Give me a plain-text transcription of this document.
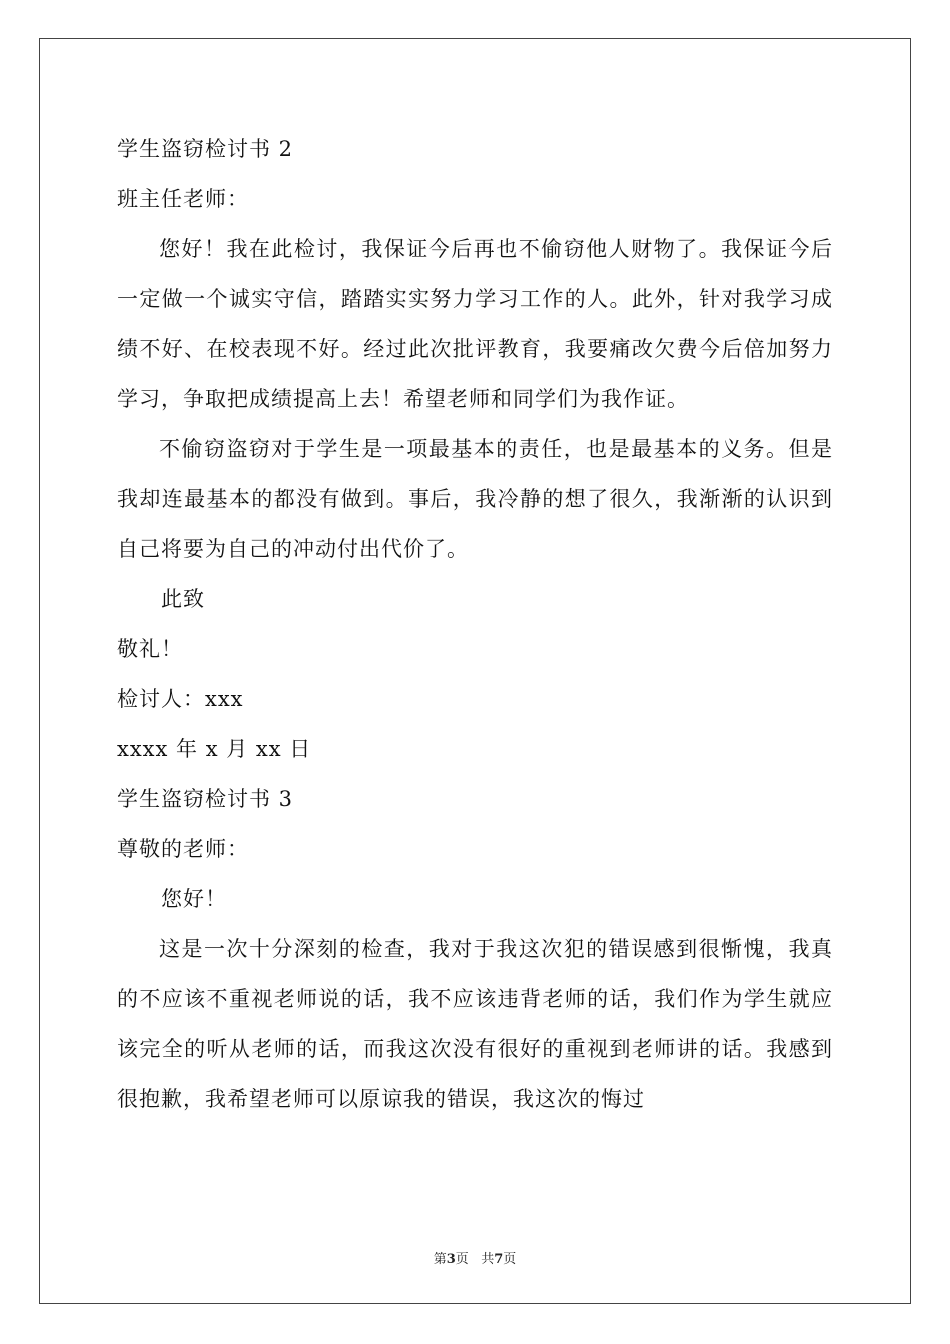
学生盗窃检讨书 2
班主任老师：

您好！我在此检讨，我保证今后再也不偷窃他人财物了。我保证今后一定做一个诚实守信，踏踏实实努力学习工作的人。此外，针对我学习成绩不好、在校表现不好。经过此次批评教育，我要痛改欠费今后倍加努力学习，争取把成绩提高上去！希望老师和同学们为我作证。

不偷窃盗窃对于学生是一项最基本的责任，也是最基本的义务。但是我却连最基本的都没有做到。事后，我冷静的想了很久，我渐渐的认识到自己将要为自己的冲动付出代价了。

此致
敬礼！
检讨人：xxx
xxxx 年 x 月 xx 日
学生盗窃检讨书 3
尊敬的老师：
您好！

这是一次十分深刻的检查，我对于我这次犯的错误感到很惭愧，我真的不应该不重视老师说的话，我不应该违背老师的话，我们作为学生就应该完全的听从老师的话，而我这次没有很好的重视到老师讲的话。我感到很抱歉，我希望老师可以原谅我的错误，我这次的悔过

第3页 共7页
